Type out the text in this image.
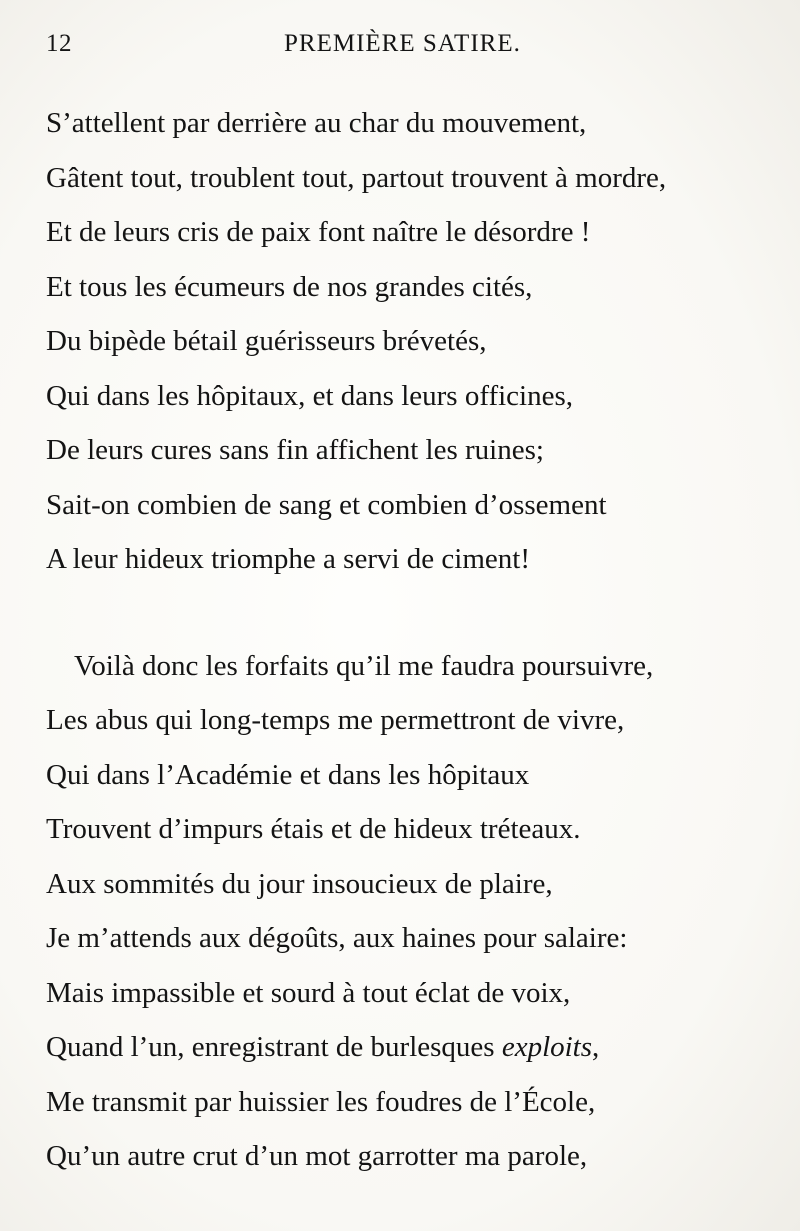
12	PREMIÈRE SATIRE.
S’attellent par derrière au char du mouvement,
Gâtent tout, troublent tout, partout trouvent à mordre,
Et de leurs cris de paix font naître le désordre !
Et tous les écumeurs de nos grandes cités,
Du bipède bétail guérisseurs brévetés,
Qui dans les hôpitaux, et dans leurs officines,
De leurs cures sans fin affichent les ruines;
Sait-on combien de sang et combien d’ossement
A leur hideux triomphe a servi de ciment!
Voilà donc les forfaits qu’il me faudra poursuivre,
Les abus qui long-temps me permettront de vivre,
Qui dans l’Académie et dans les hôpitaux
Trouvent d’impurs étais et de hideux tréteaux.
Aux sommités du jour insoucieux de plaire,
Je m’attends aux dégoûts, aux haines pour salaire:
Mais impassible et sourd à tout éclat de voix,
Quand l’un, enregistrant de burlesques exploits,
Me transmit par huissier les foudres de l’École,
Qu’un autre crut d’un mot garrotter ma parole,
